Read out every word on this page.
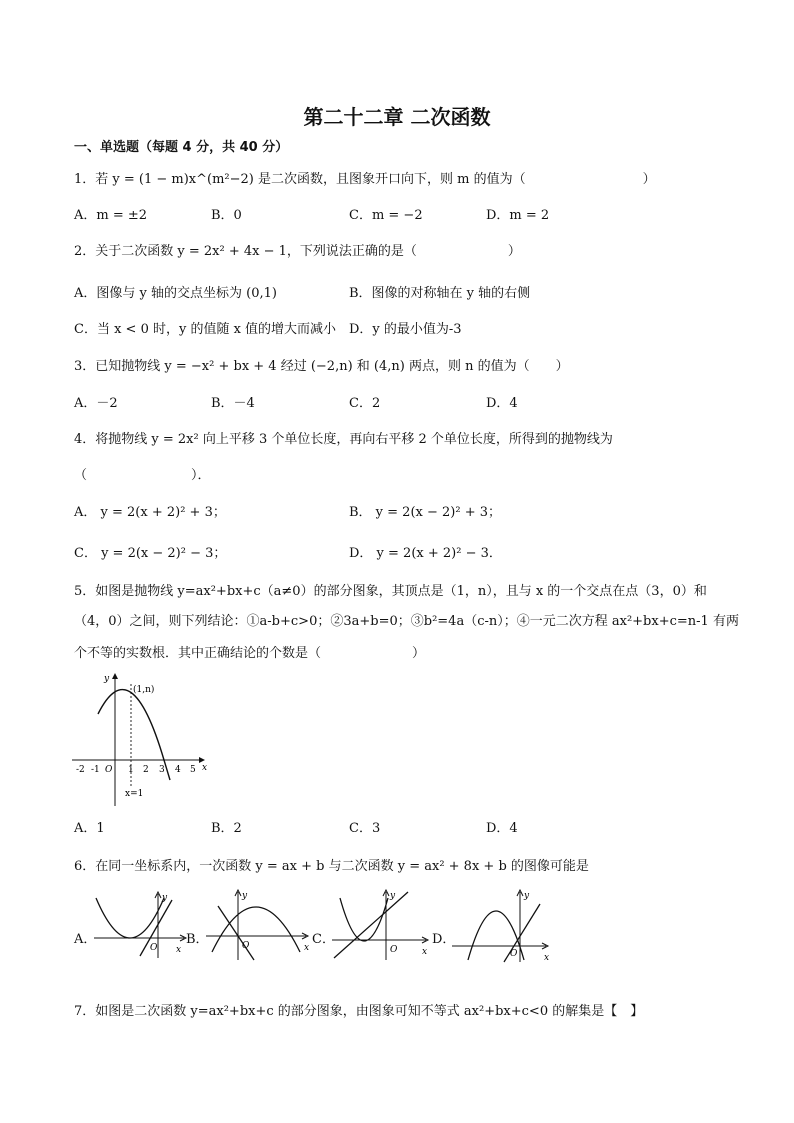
第二十二章 二次函数
一、单选题（每题 4 分，共 40 分）
1．若 y = (1 − m)x^(m²−2) 是二次函数，且图象开口向下，则 m 的值为（　　　　　　　　　）
A．m = ±2	B．0	C．m = −2	D．m = 2
2．关于二次函数 y = 2x² + 4x − 1，下列说法正确的是（　　　　　　　）
A．图像与 y 轴的交点坐标为 (0,1)	B．图像的对称轴在 y 轴的右侧
C．当 x < 0 时，y 的值随 x 值的增大而减小 D．y 的最小值为-3
3．已知抛物线 y = −x² + bx + 4 经过 (−2,n) 和 (4,n) 两点，则 n 的值为（　　）
A．－2	B．－4	C．2	D．4
4．将抛物线 y = 2x² 向上平移 3 个单位长度，再向右平移 2 个单位长度，所得到的抛物线为
（　　　　　　　　）．
A． y = 2(x + 2)² + 3；	B． y = 2(x − 2)² + 3；
C． y = 2(x − 2)² − 3；	D． y = 2(x + 2)² − 3．
5．如图是抛物线 y=ax²+bx+c（a≠0）的部分图象，其顶点是（1，n），且与 x 的一个交点在点（3，0）和
（4，0）之间，则下列结论：①a-b+c>0；②3a+b=0；③b²=4a（c-n）；④一元二次方程 ax²+bx+c=n-1 有两
个不等的实数根．其中正确结论的个数是（　　　　　　　）
y
x
(1,n)
O
x=1
-2 -1	1 2 3 4 5
A．1	B．2	C．3	D．4
6．在同一坐标系内，一次函数 y = ax + b 与二次函数 y = ax² + 8x + b 的图像可能是
A．
y
O x
B．
y
O	x
C．
y
O	x
D．
y
O	x
7．如图是二次函数 y=ax²+bx+c 的部分图象，由图象可知不等式 ax²+bx+c<0 的解集是【　】
